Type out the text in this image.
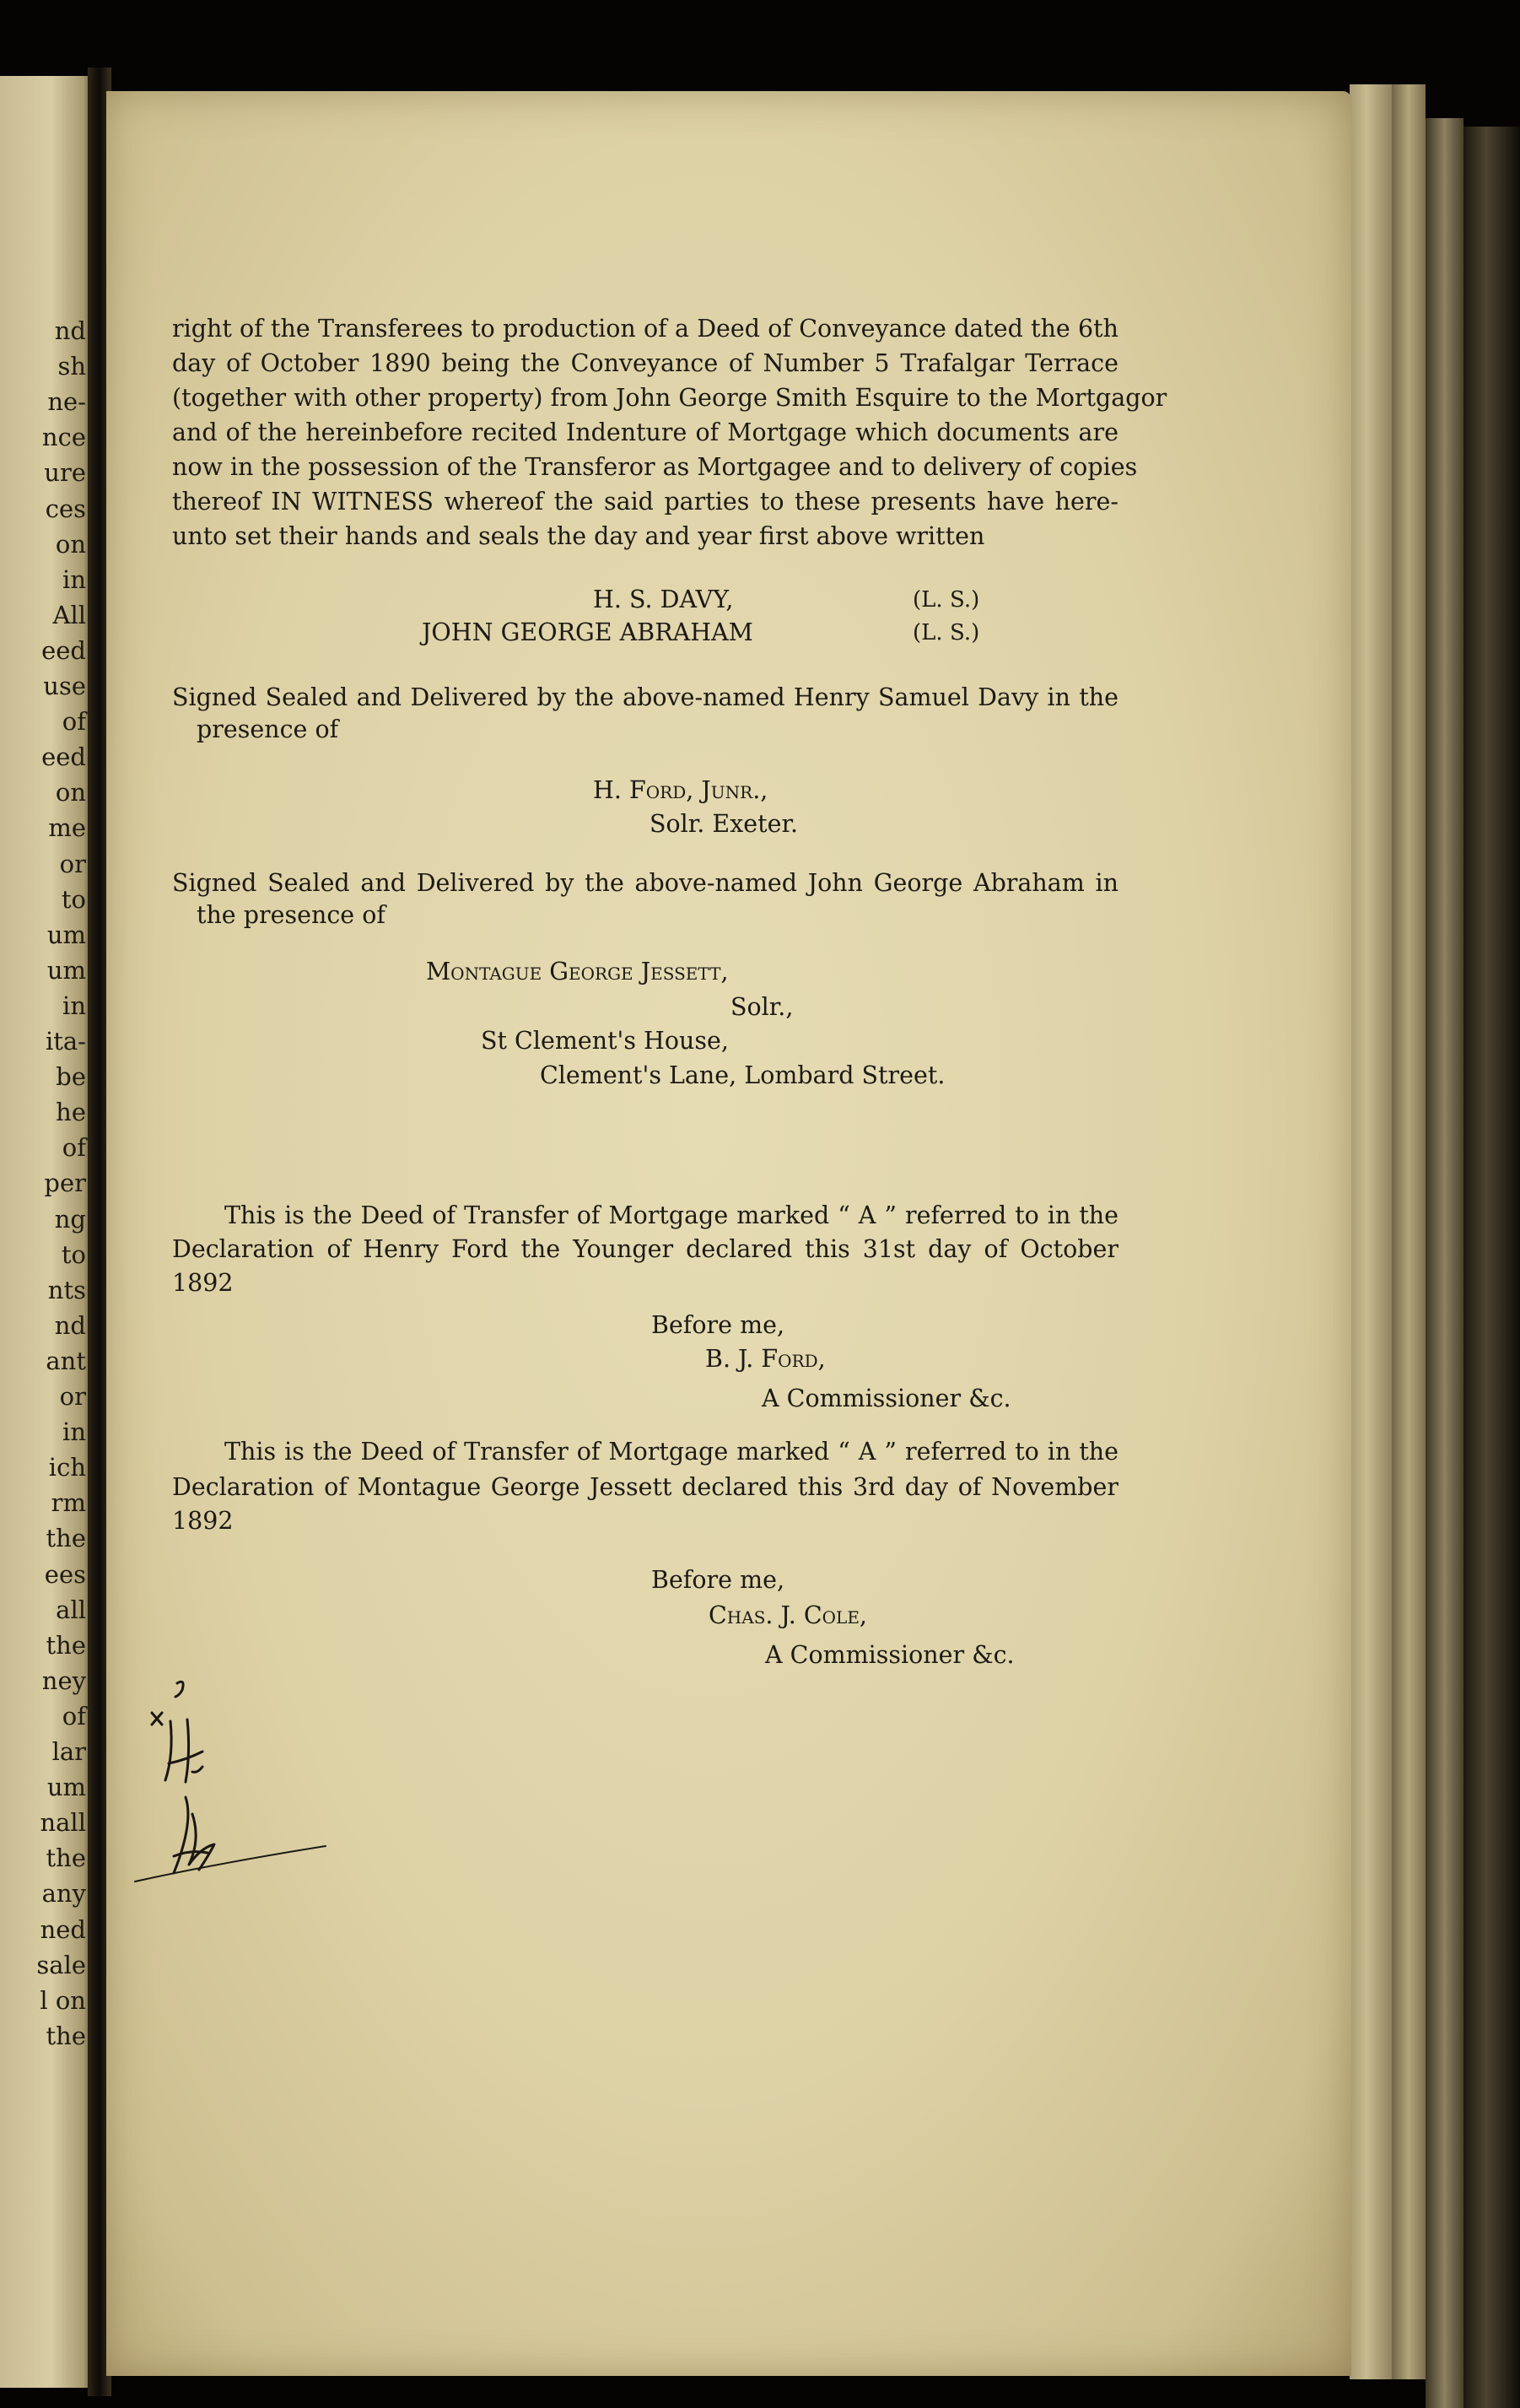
nd
sh
ne-
nce
ure
ces
on
in
All
eed
use
of
eed
on
me
or
to
um
um
in
ita-
be
he
of
per
ng
to
nts
nd
ant
or
in
ich
rm
the
ees
all
the
ney
of
lar
um
nall
the
any
ned
sale
l on
the
right of the Transferees to production of a Deed of Conveyance dated the 6th
day of October 1890 being the Conveyance of Number 5 Trafalgar Terrace
(together with other property) from John George Smith Esquire to the Mortgagor
and of the hereinbefore recited Indenture of Mortgage which documents are
now in the possession of the Transferor as Mortgagee and to delivery of copies
thereof IN WITNESS whereof the said parties to these presents have here-
unto set their hands and seals the day and year first above written
H. S. DAVY,	(L. S.)
JOHN GEORGE ABRAHAM	(L. S.)
Signed Sealed and Delivered by the above-named Henry Samuel Davy in the
presence of
H. Ford, Junr.,
Solr. Exeter.
Signed Sealed and Delivered by the above-named John George Abraham in
the presence of
Montague George Jessett,
Solr.,
St Clement's House,
Clement's Lane, Lombard Street.
This is the Deed of Transfer of Mortgage marked “ A ” referred to in the
Declaration of Henry Ford the Younger declared this 31st day of October
1892
Before me,
B. J. Ford,
A Commissioner &c.
This is the Deed of Transfer of Mortgage marked “ A ” referred to in the
Declaration of Montague George Jessett declared this 3rd day of November
1892
Before me,
Chas. J. Cole,
A Commissioner &c.
